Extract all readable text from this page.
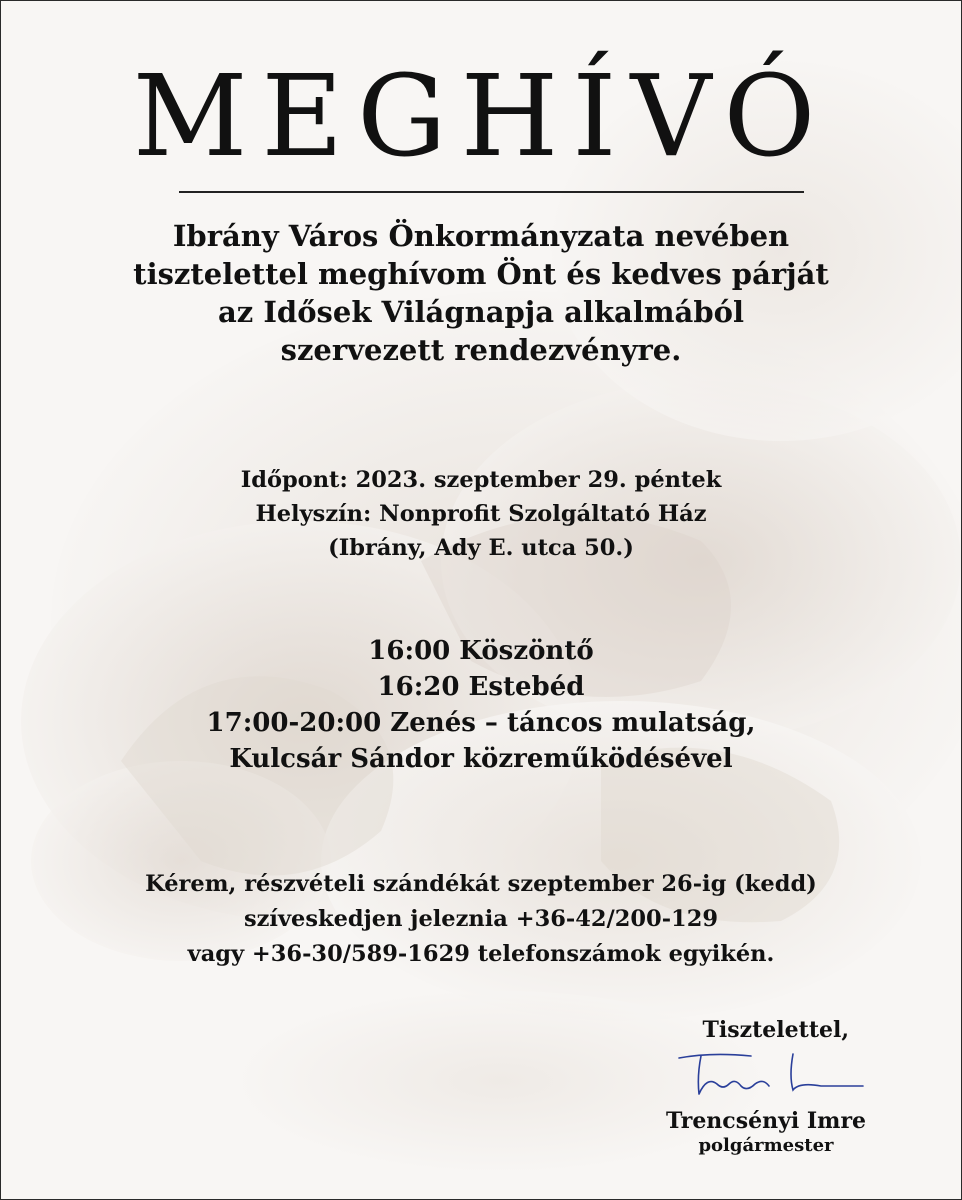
MEGHÍVÓ
Ibrány Város Önkormányzata nevében
tisztelettel meghívom Önt és kedves párját
az Idősek Világnapja alkalmából
szervezett rendezvényre.
Időpont: 2023. szeptember 29. péntek
Helyszín: Nonprofit Szolgáltató Ház
(Ibrány, Ady E. utca 50.)
16:00 Köszöntő
16:20 Estebéd
17:00-20:00 Zenés – táncos mulatság,
Kulcsár Sándor közreműködésével
Kérem, részvételi szándékát szeptember 26-ig (kedd)
szíveskedjen jeleznia +36-42/200-129
vagy +36-30/589-1629 telefonszámok egyikén.
Tisztelettel,
Trencsényi Imre
polgármester
